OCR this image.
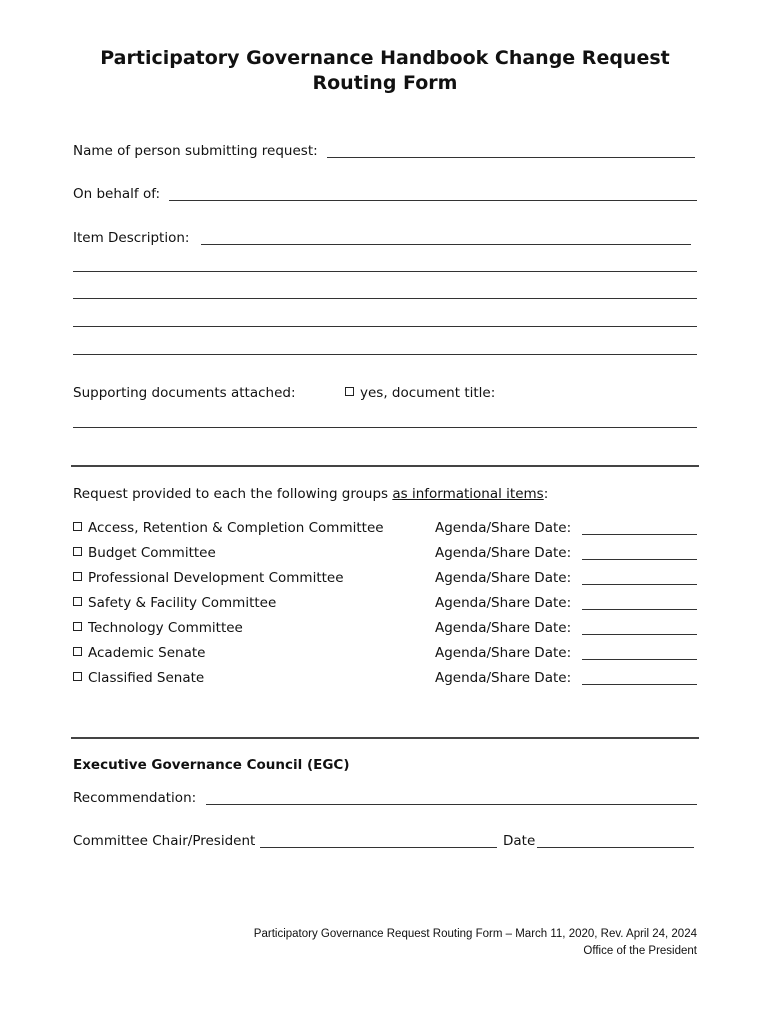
Participatory Governance Handbook Change Request
Routing Form
Name of person submitting request:
On behalf of:
Item Description:
Supporting documents attached:	yes, document title:
Request provided to each the following groups as informational items:
Access, Retention & Completion Committee	Agenda/Share Date:
Budget Committee	Agenda/Share Date:
Professional Development Committee	Agenda/Share Date:
Safety & Facility Committee	Agenda/Share Date:
Technology Committee	Agenda/Share Date:
Academic Senate	Agenda/Share Date:
Classified Senate	Agenda/Share Date:
Executive Governance Council (EGC)
Recommendation:
Committee Chair/President	Date
Participatory Governance Request Routing Form – March 11, 2020, Rev. April 24, 2024
Office of the President
